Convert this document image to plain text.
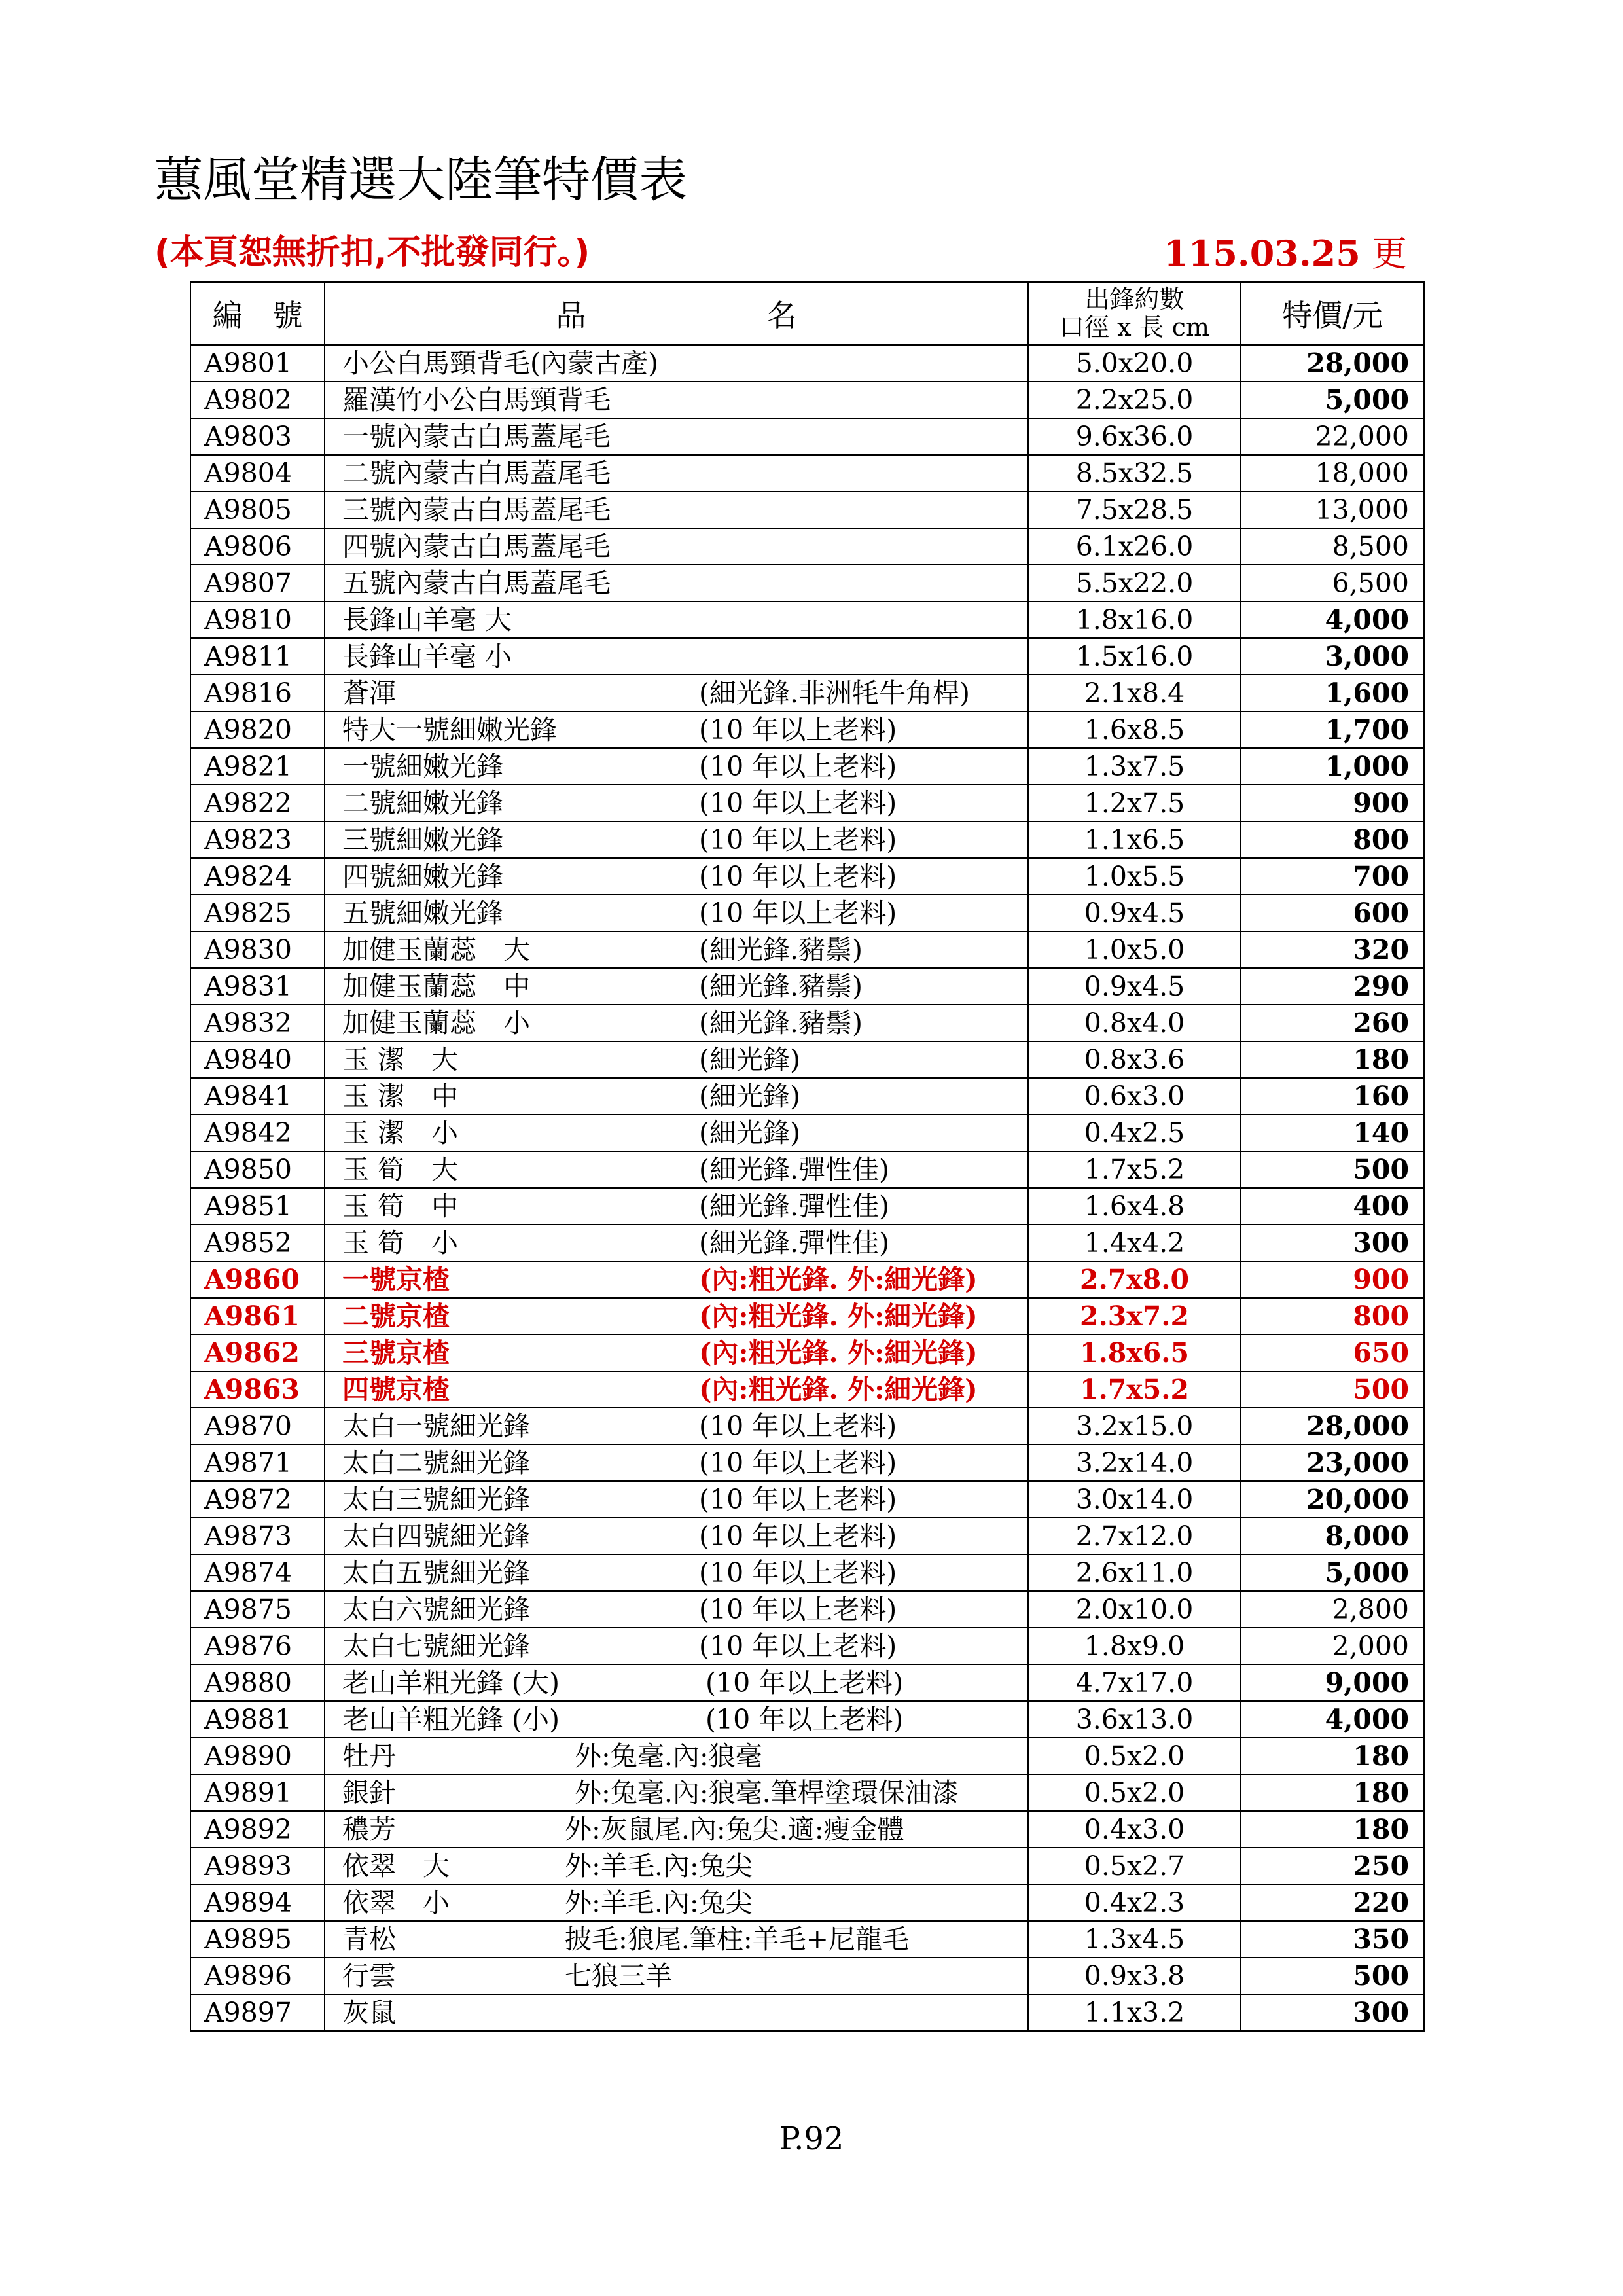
蕙風堂精選大陸筆特價表
(本頁恕無折扣,不批發同行。)	115.03.25 更
編　號	品　　　　　　名	出鋒約數
口徑 x 長 cm	特價/元
A9801	小公白馬頸背毛(內蒙古產)	5.0x20.0	28,000
A9802	羅漢竹小公白馬頸背毛	2.2x25.0	5,000
A9803	一號內蒙古白馬蓋尾毛	9.6x36.0	22,000
A9804	二號內蒙古白馬蓋尾毛	8.5x32.5	18,000
A9805	三號內蒙古白馬蓋尾毛	7.5x28.5	13,000
A9806	四號內蒙古白馬蓋尾毛	6.1x26.0	8,500
A9807	五號內蒙古白馬蓋尾毛	5.5x22.0	6,500
A9810	長鋒山羊毫 大	1.8x16.0	4,000
A9811	長鋒山羊毫 小	1.5x16.0	3,000
A9816	蒼渾 (細光鋒.非洲牦牛角桿)	2.1x8.4	1,600
A9820	特大一號細嫩光鋒 (10 年以上老料)	1.6x8.5	1,700
A9821	一號細嫩光鋒 (10 年以上老料)	1.3x7.5	1,000
A9822	二號細嫩光鋒 (10 年以上老料)	1.2x7.5	900
A9823	三號細嫩光鋒 (10 年以上老料)	1.1x6.5	800
A9824	四號細嫩光鋒 (10 年以上老料)	1.0x5.5	700
A9825	五號細嫩光鋒 (10 年以上老料)	0.9x4.5	600
A9830	加健玉蘭蕊　大 (細光鋒.豬鬃)	1.0x5.0	320
A9831	加健玉蘭蕊　中 (細光鋒.豬鬃)	0.9x4.5	290
A9832	加健玉蘭蕊　小 (細光鋒.豬鬃)	0.8x4.0	260
A9840	玉 潔　大 (細光鋒)	0.8x3.6	180
A9841	玉 潔　中 (細光鋒)	0.6x3.0	160
A9842	玉 潔　小 (細光鋒)	0.4x2.5	140
A9850	玉 筍　大 (細光鋒.彈性佳)	1.7x5.2	500
A9851	玉 筍　中 (細光鋒.彈性佳)	1.6x4.8	400
A9852	玉 筍　小 (細光鋒.彈性佳)	1.4x4.2	300
A9860	一號京楂 (內:粗光鋒. 外:細光鋒)	2.7x8.0	900
A9861	二號京楂 (內:粗光鋒. 外:細光鋒)	2.3x7.2	800
A9862	三號京楂 (內:粗光鋒. 外:細光鋒)	1.8x6.5	650
A9863	四號京楂 (內:粗光鋒. 外:細光鋒)	1.7x5.2	500
A9870	太白一號細光鋒 (10 年以上老料)	3.2x15.0	28,000
A9871	太白二號細光鋒 (10 年以上老料)	3.2x14.0	23,000
A9872	太白三號細光鋒 (10 年以上老料)	3.0x14.0	20,000
A9873	太白四號細光鋒 (10 年以上老料)	2.7x12.0	8,000
A9874	太白五號細光鋒 (10 年以上老料)	2.6x11.0	5,000
A9875	太白六號細光鋒 (10 年以上老料)	2.0x10.0	2,800
A9876	太白七號細光鋒 (10 年以上老料)	1.8x9.0	2,000
A9880	老山羊粗光鋒 (大) (10 年以上老料)	4.7x17.0	9,000
A9881	老山羊粗光鋒 (小) (10 年以上老料)	3.6x13.0	4,000
A9890	牡丹 外:兔毫.內:狼毫	0.5x2.0	180
A9891	銀針 外:兔毫.內:狼毫.筆桿塗環保油漆	0.5x2.0	180
A9892	穠芳 外:灰鼠尾.內:兔尖.適:瘦金體	0.4x3.0	180
A9893	依翠　大 外:羊毛.內:兔尖	0.5x2.7	250
A9894	依翠　小 外:羊毛.內:兔尖	0.4x2.3	220
A9895	青松 披毛:狼尾.筆柱:羊毛+尼龍毛	1.3x4.5	350
A9896	行雲 七狼三羊	0.9x3.8	500
A9897	灰鼠	1.1x3.2	300
P.92
